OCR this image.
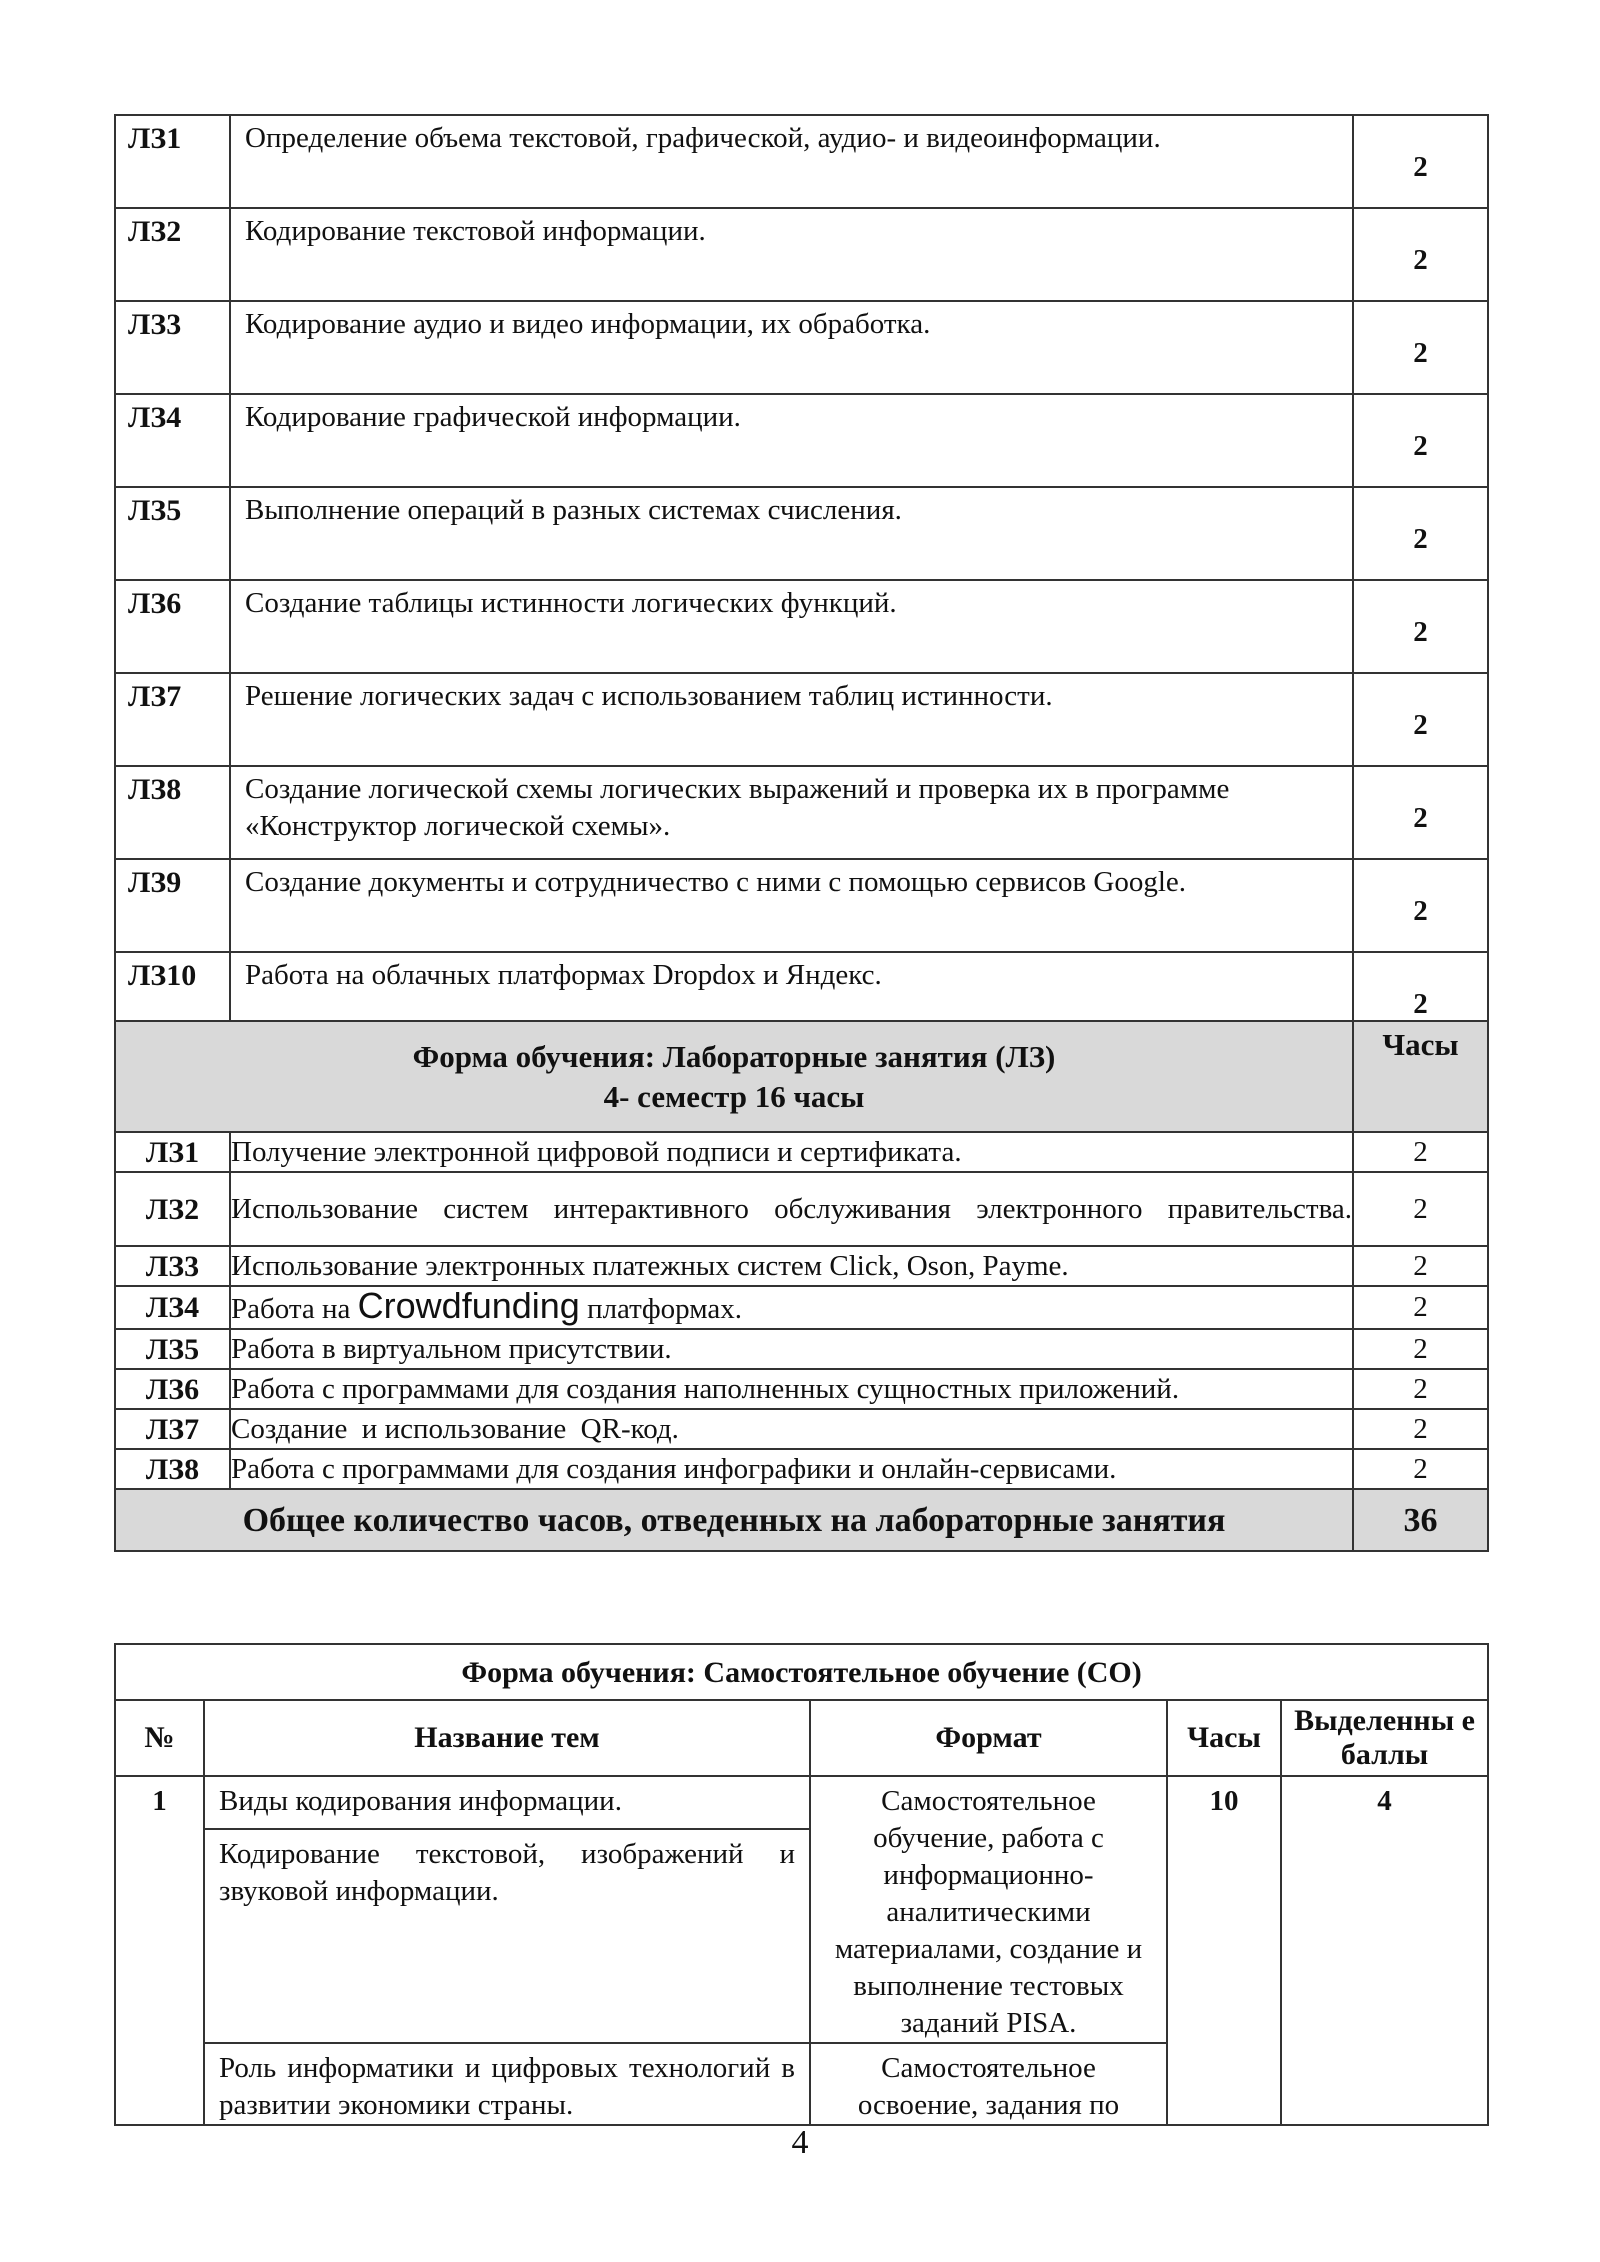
ЛЗ1	Определение объема текстовой, графической, аудио- и видеоинформации.	2
ЛЗ2	Кодирование текстовой информации.	2
ЛЗ3	Кодирование аудио и видео информации, их обработка.	2
ЛЗ4	Кодирование графической информации.	2
ЛЗ5	Выполнение операций в разных системах счисления.	2
ЛЗ6	Создание таблицы истинности логических функций.	2
ЛЗ7	Решение логических задач с использованием таблиц истинности.	2
ЛЗ8	Создание логической схемы логических выражений и проверка их в программе «Конструктор логической схемы».	2
ЛЗ9	Создание документы и сотрудничество с ними с помощью сервисов Google.	2
ЛЗ10	Работа на облачных платформах Dropdox и Яндекс.	2
Форма обучения: Лабораторные занятия (ЛЗ)
4- семестр 16 часы		Часы
ЛЗ1	Получение электронной цифровой подписи и сертификата.	2
ЛЗ2	Использование систем интерактивного обслуживания электронного правительства.	2
ЛЗ3	Использование электронных платежных систем Click, Oson, Payme.	2
ЛЗ4	Работа на Crowdfunding платформах.	2
ЛЗ5	Работа в виртуальном присутствии.	2
ЛЗ6	Работа с программами для создания наполненных сущностных приложений.	2
ЛЗ7	Создание  и использование  QR-код.	2
ЛЗ8	Работа с программами для создания инфографики и онлайн-сервисами.	2
Общее количество часов, отведенных на лабораторные занятия		36
Форма обучения: Самостоятельное обучение (СО)				
№	Название тем	Формат	Часы	Выделенны е баллы
1	Виды кодирования информации.	Самостоятельное обучение, работа с информационно-аналитическими материалами, создание и выполнение тестовых заданий PISA.	10	4
	Кодирование текстовой, изображений и звуковой информации.			
	Роль информатики и цифровых технологий в развитии экономики страны.	Самостоятельное освоение, задания по		
4
